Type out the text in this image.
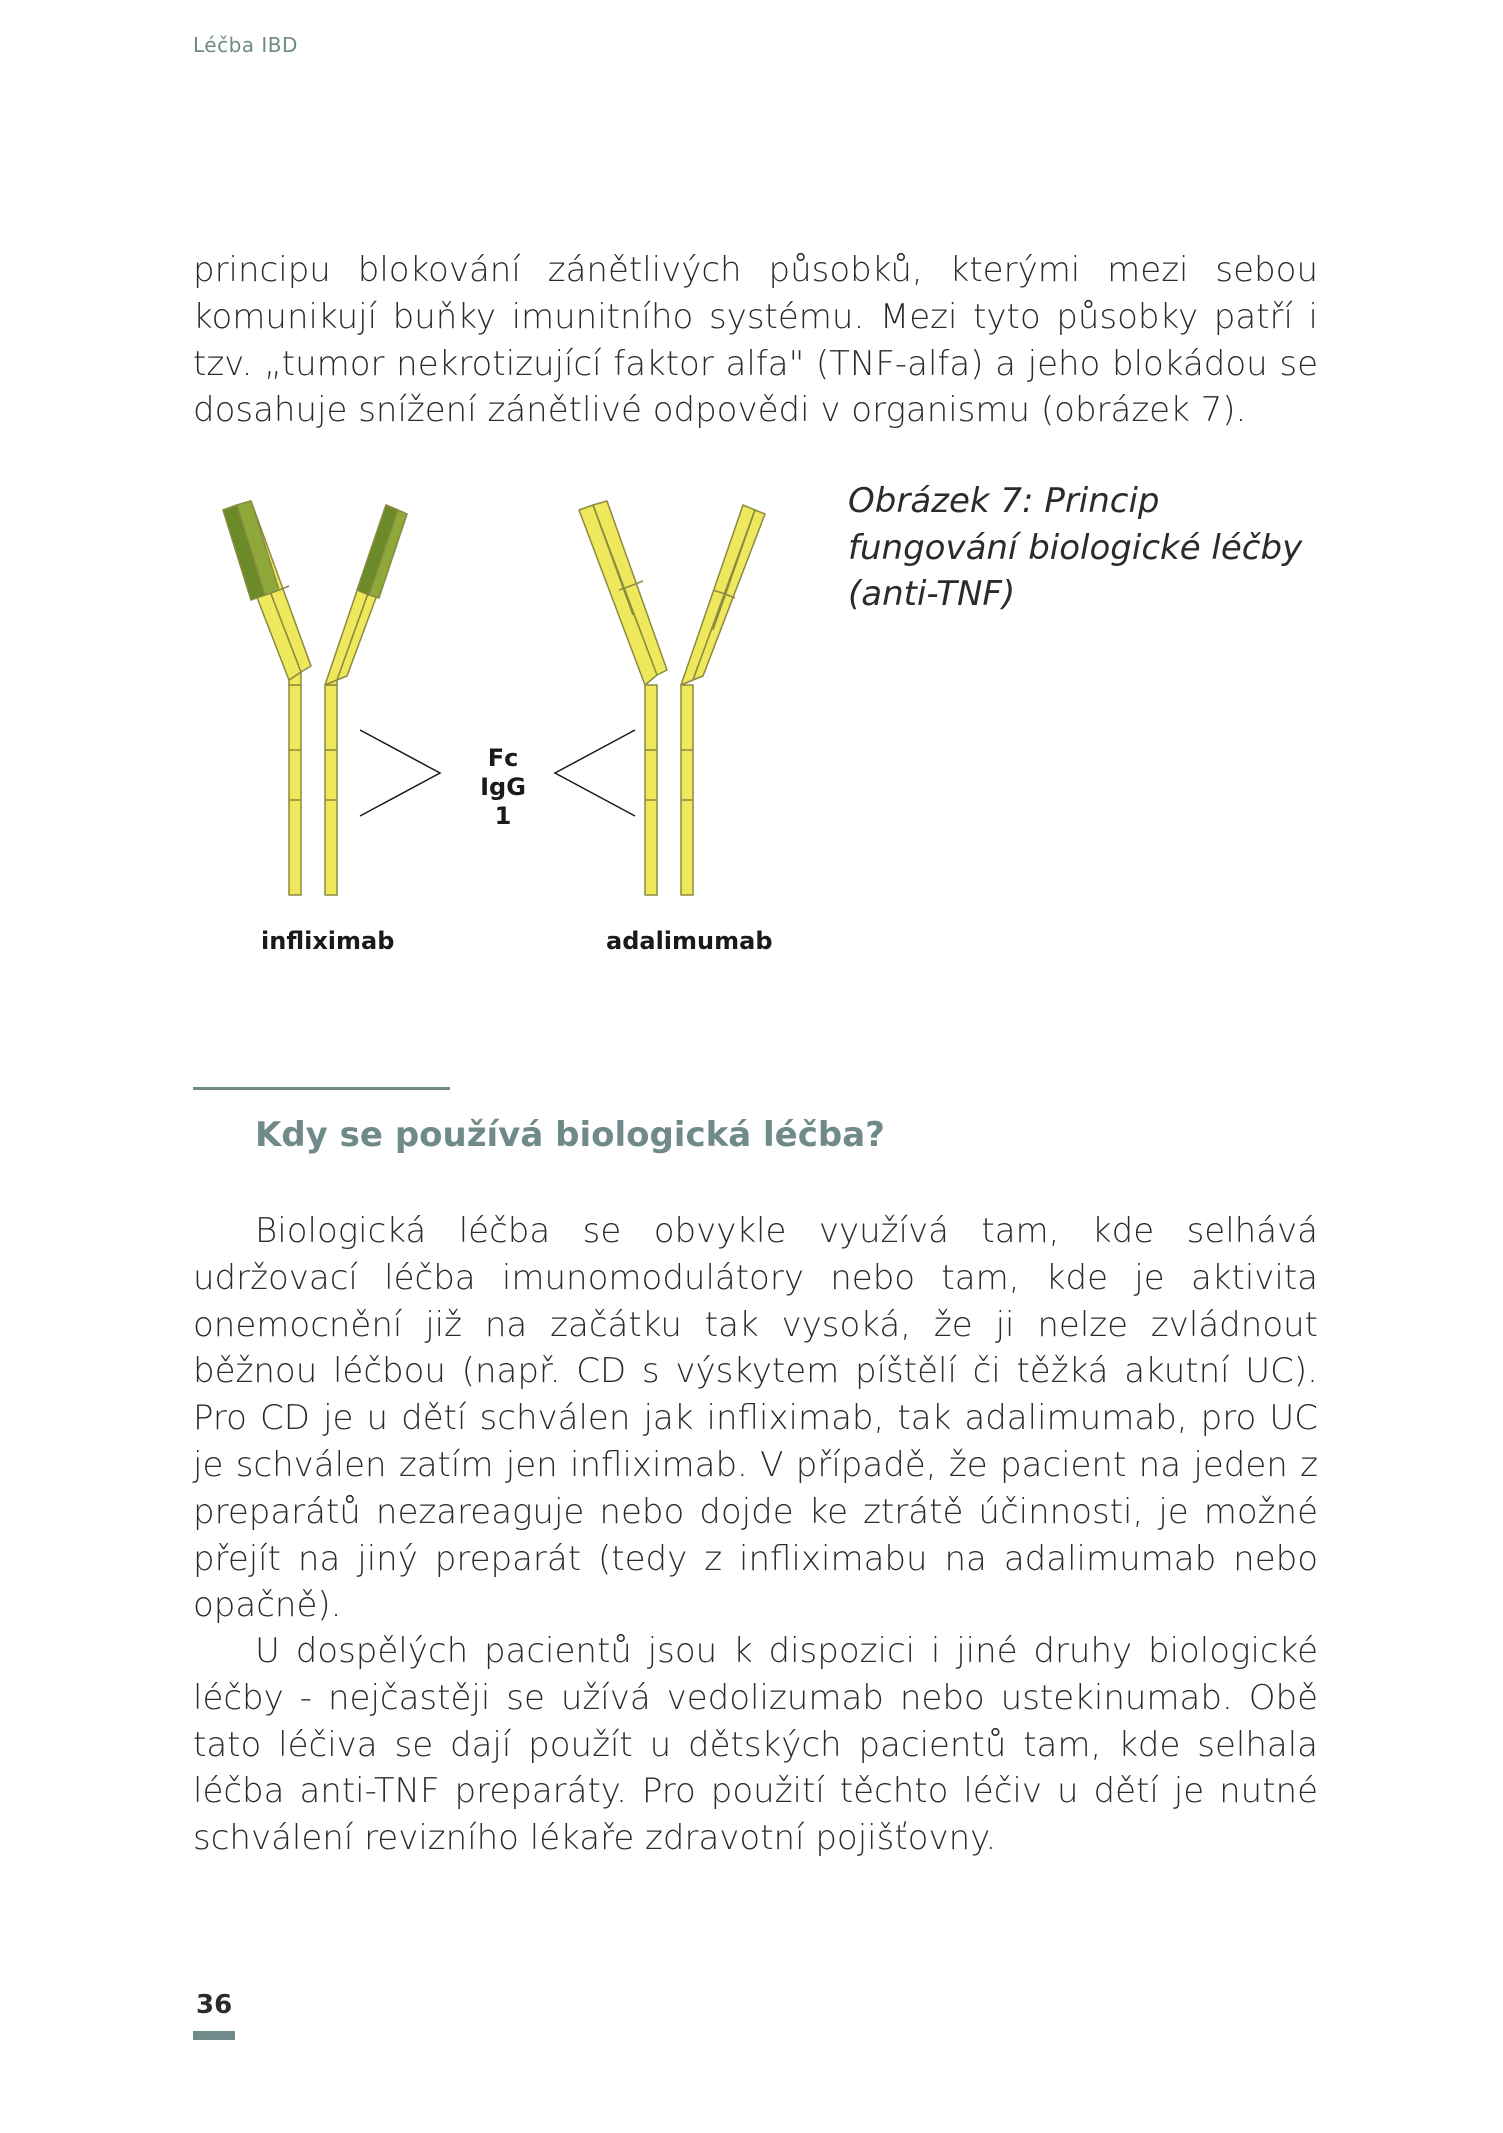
Léčba IBD

principu blokování zánětlivých působků, kterými mezi sebou komunikují buňky imunitního systému. Mezi tyto působky patří i tzv. „tumor nekrotizující faktor alfa" (TNF-alfa) a jeho blokádou se dosahuje snížení zánětlivé odpovědi v organismu (obrázek 7).

Fc
IgG 1
infliximab	adalimumab

Obrázek 7: Princip fungování biologické léčby (anti-TNF)

Kdy se používá biologická léčba?

Biologická léčba se obvykle využívá tam, kde selhává udržovací léčba imunomodulátory nebo tam, kde je aktivita onemocnění již na začátku tak vysoká, že ji nelze zvládnout běžnou léčbou (např. CD s výskytem píštělí či těžká akutní UC). Pro CD je u dětí schválen jak infliximab, tak adalimumab, pro UC je schválen zatím jen infliximab. V případě, že pacient na jeden z preparátů nezareaguje nebo dojde ke ztrátě účinnosti, je možné přejít na jiný preparát (tedy z infliximabu na adalimumab nebo opačně).

U dospělých pacientů jsou k dispozici i jiné druhy biologické léčby - nejčastěji se užívá vedolizumab nebo ustekinumab. Obě tato léčiva se dají použít u dětských pacientů tam, kde selhala léčba anti-TNF preparáty. Pro použití těchto léčiv u dětí je nutné schválení revizního lékaře zdravotní pojišťovny.

36
